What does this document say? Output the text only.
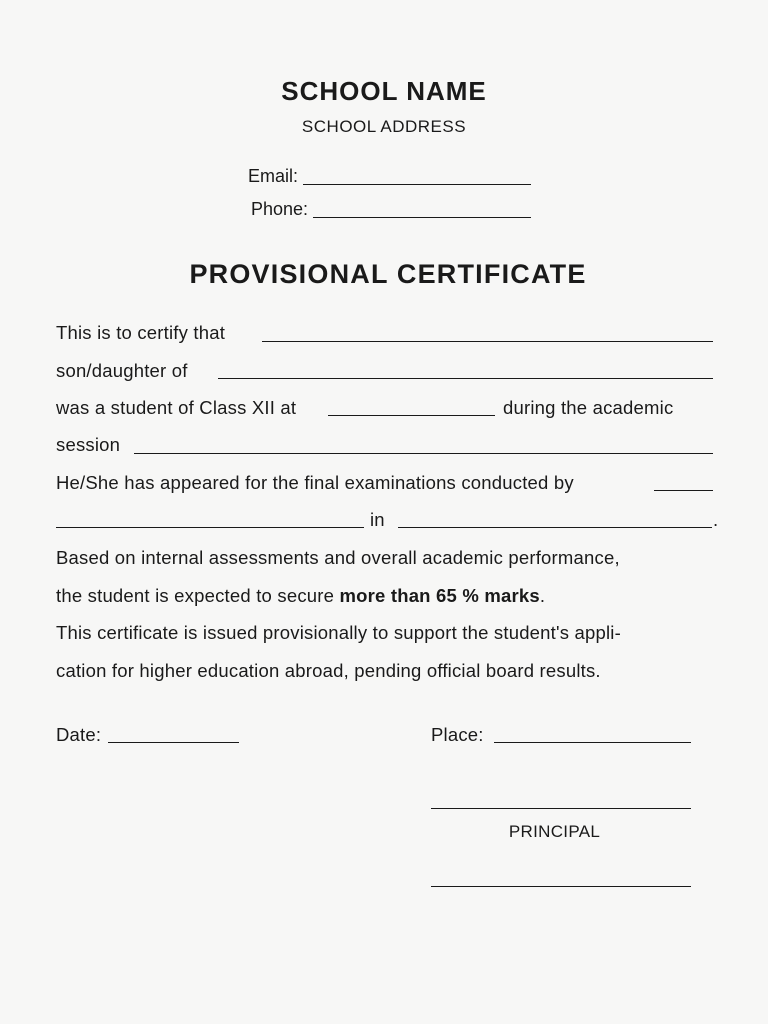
SCHOOL NAME
SCHOOL ADDRESS
Email:
Phone:
PROVISIONAL CERTIFICATE
This is to certify that
son/daughter of
was a student of Class XII at	during the academic
session
He/She has appeared for the final examinations conducted by
in	.
Based on internal assessments and overall academic performance,
the student is expected to secure more than 65 % marks.
This certificate is issued provisionally to support the student's appli-
cation for higher education abroad, pending official board results.
Date:	Place:
PRINCIPAL
